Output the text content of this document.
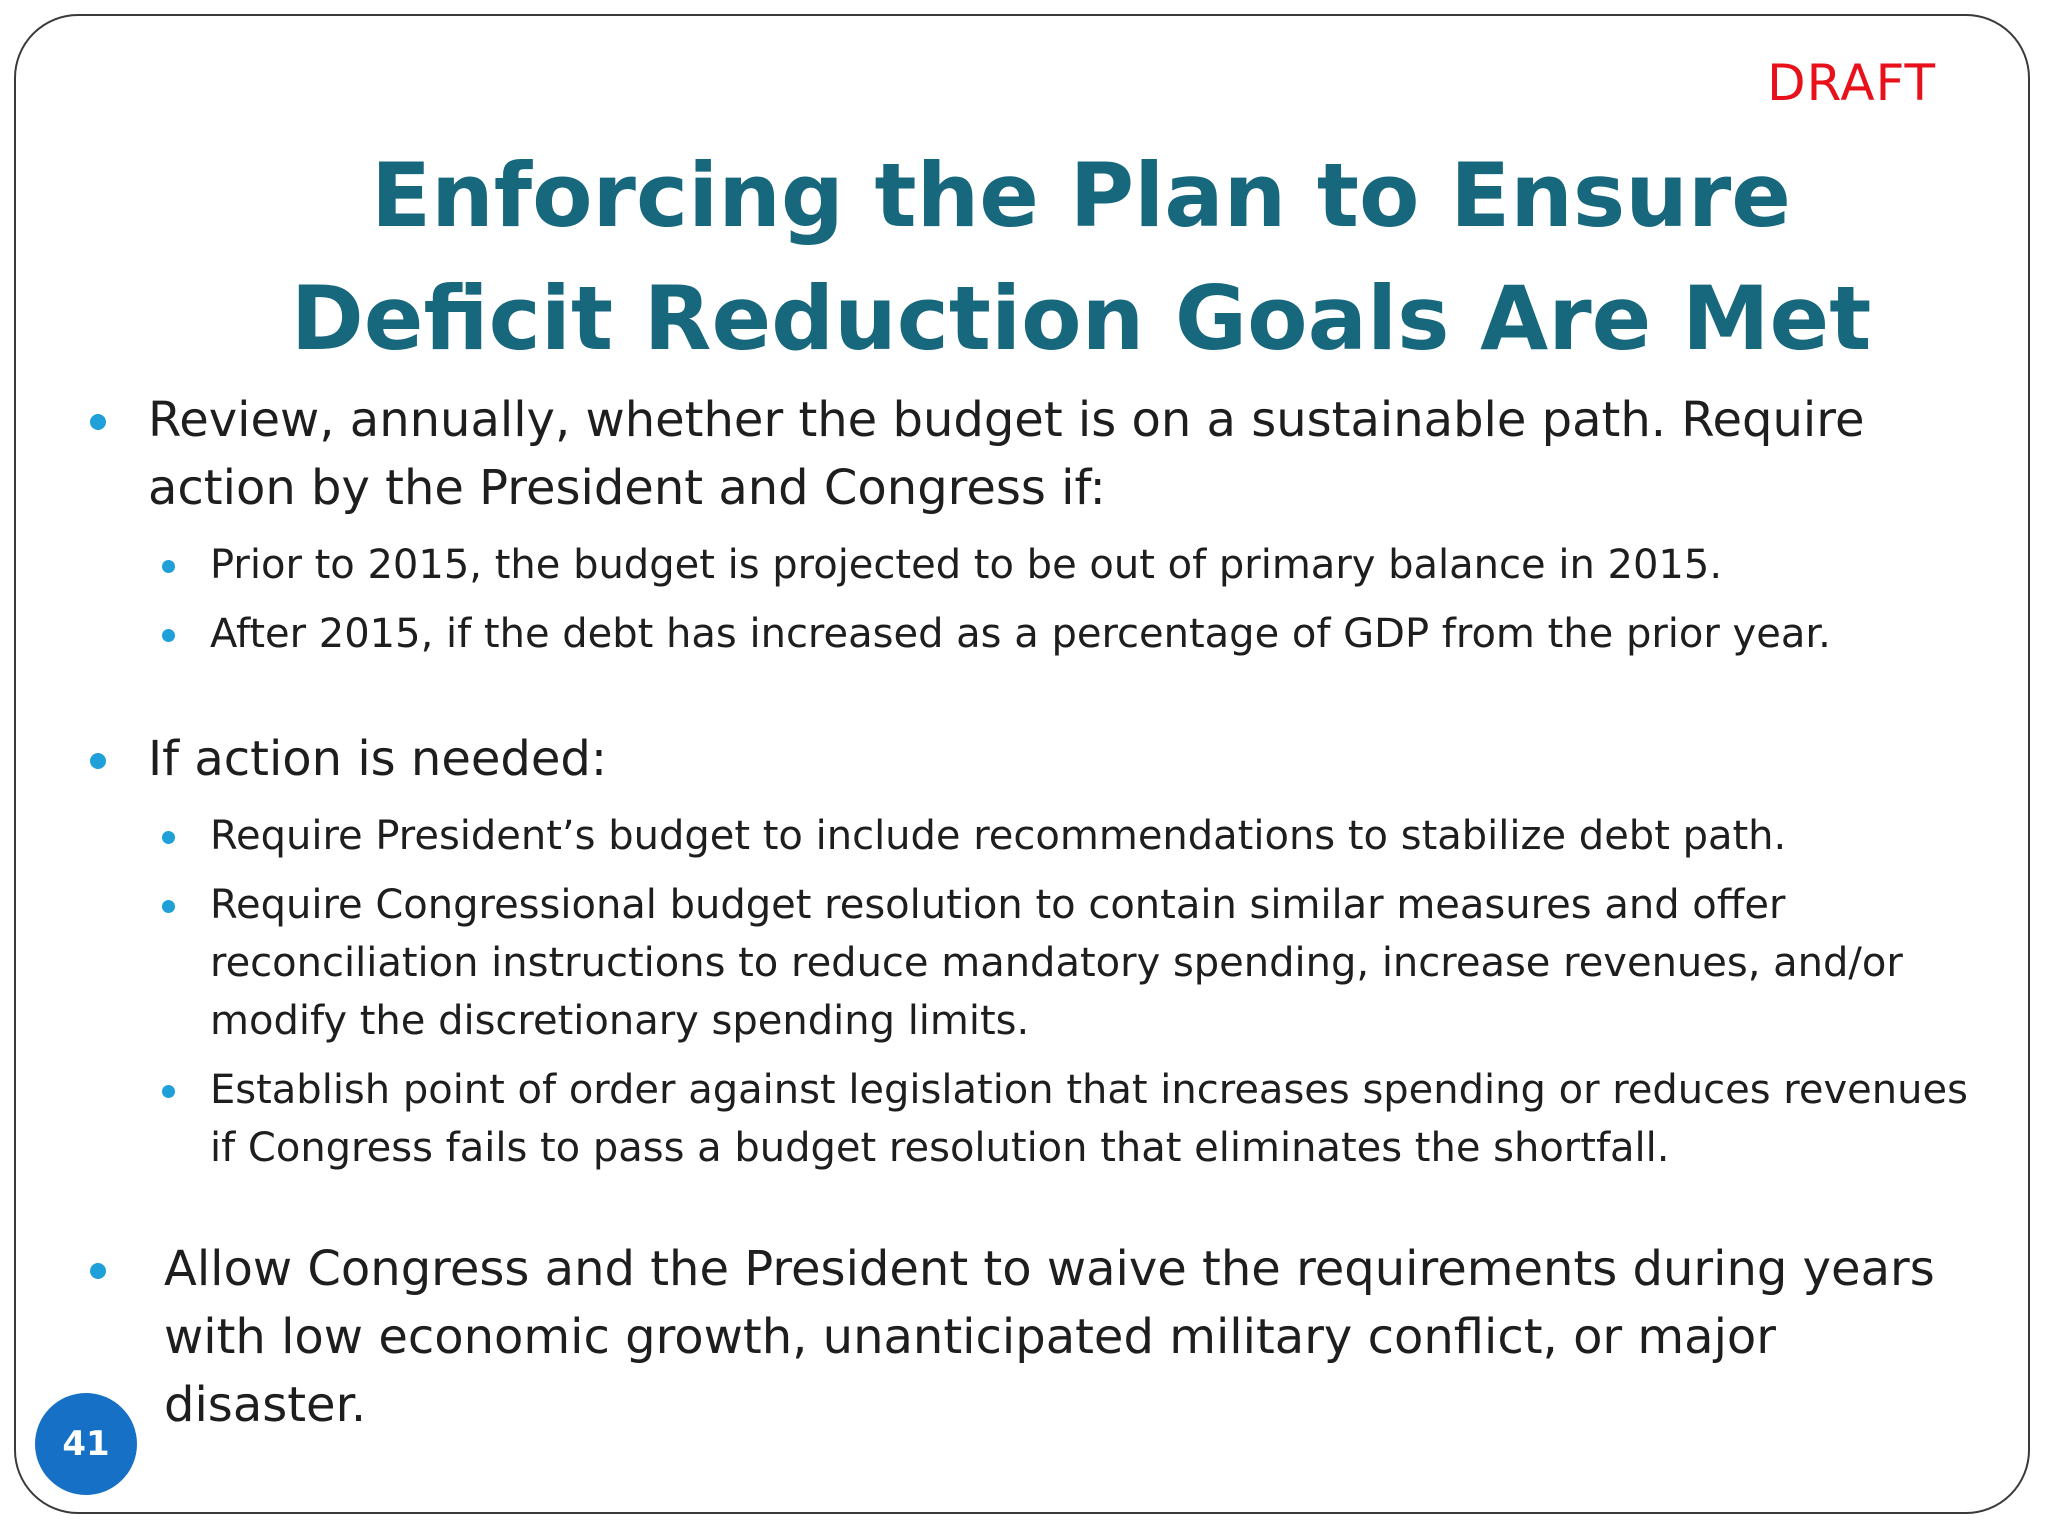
DRAFT
Enforcing the Plan to Ensure
Deficit Reduction Goals Are Met
Review, annually, whether the budget is on a sustainable path. Require action by the President and Congress if:
Prior to 2015, the budget is projected to be out of primary balance in 2015.
After 2015, if the debt has increased as a percentage of GDP from the prior year.
If action is needed:
Require President’s budget to include recommendations to stabilize debt path.
Require Congressional budget resolution to contain similar measures and offer reconciliation instructions to reduce mandatory spending, increase revenues, and/or modify the discretionary spending limits.
Establish point of order against legislation that increases spending or reduces revenues if Congress fails to pass a budget resolution that eliminates the shortfall.
Allow Congress and the President to waive the requirements during years with low economic growth, unanticipated military conflict, or major disaster.
41
